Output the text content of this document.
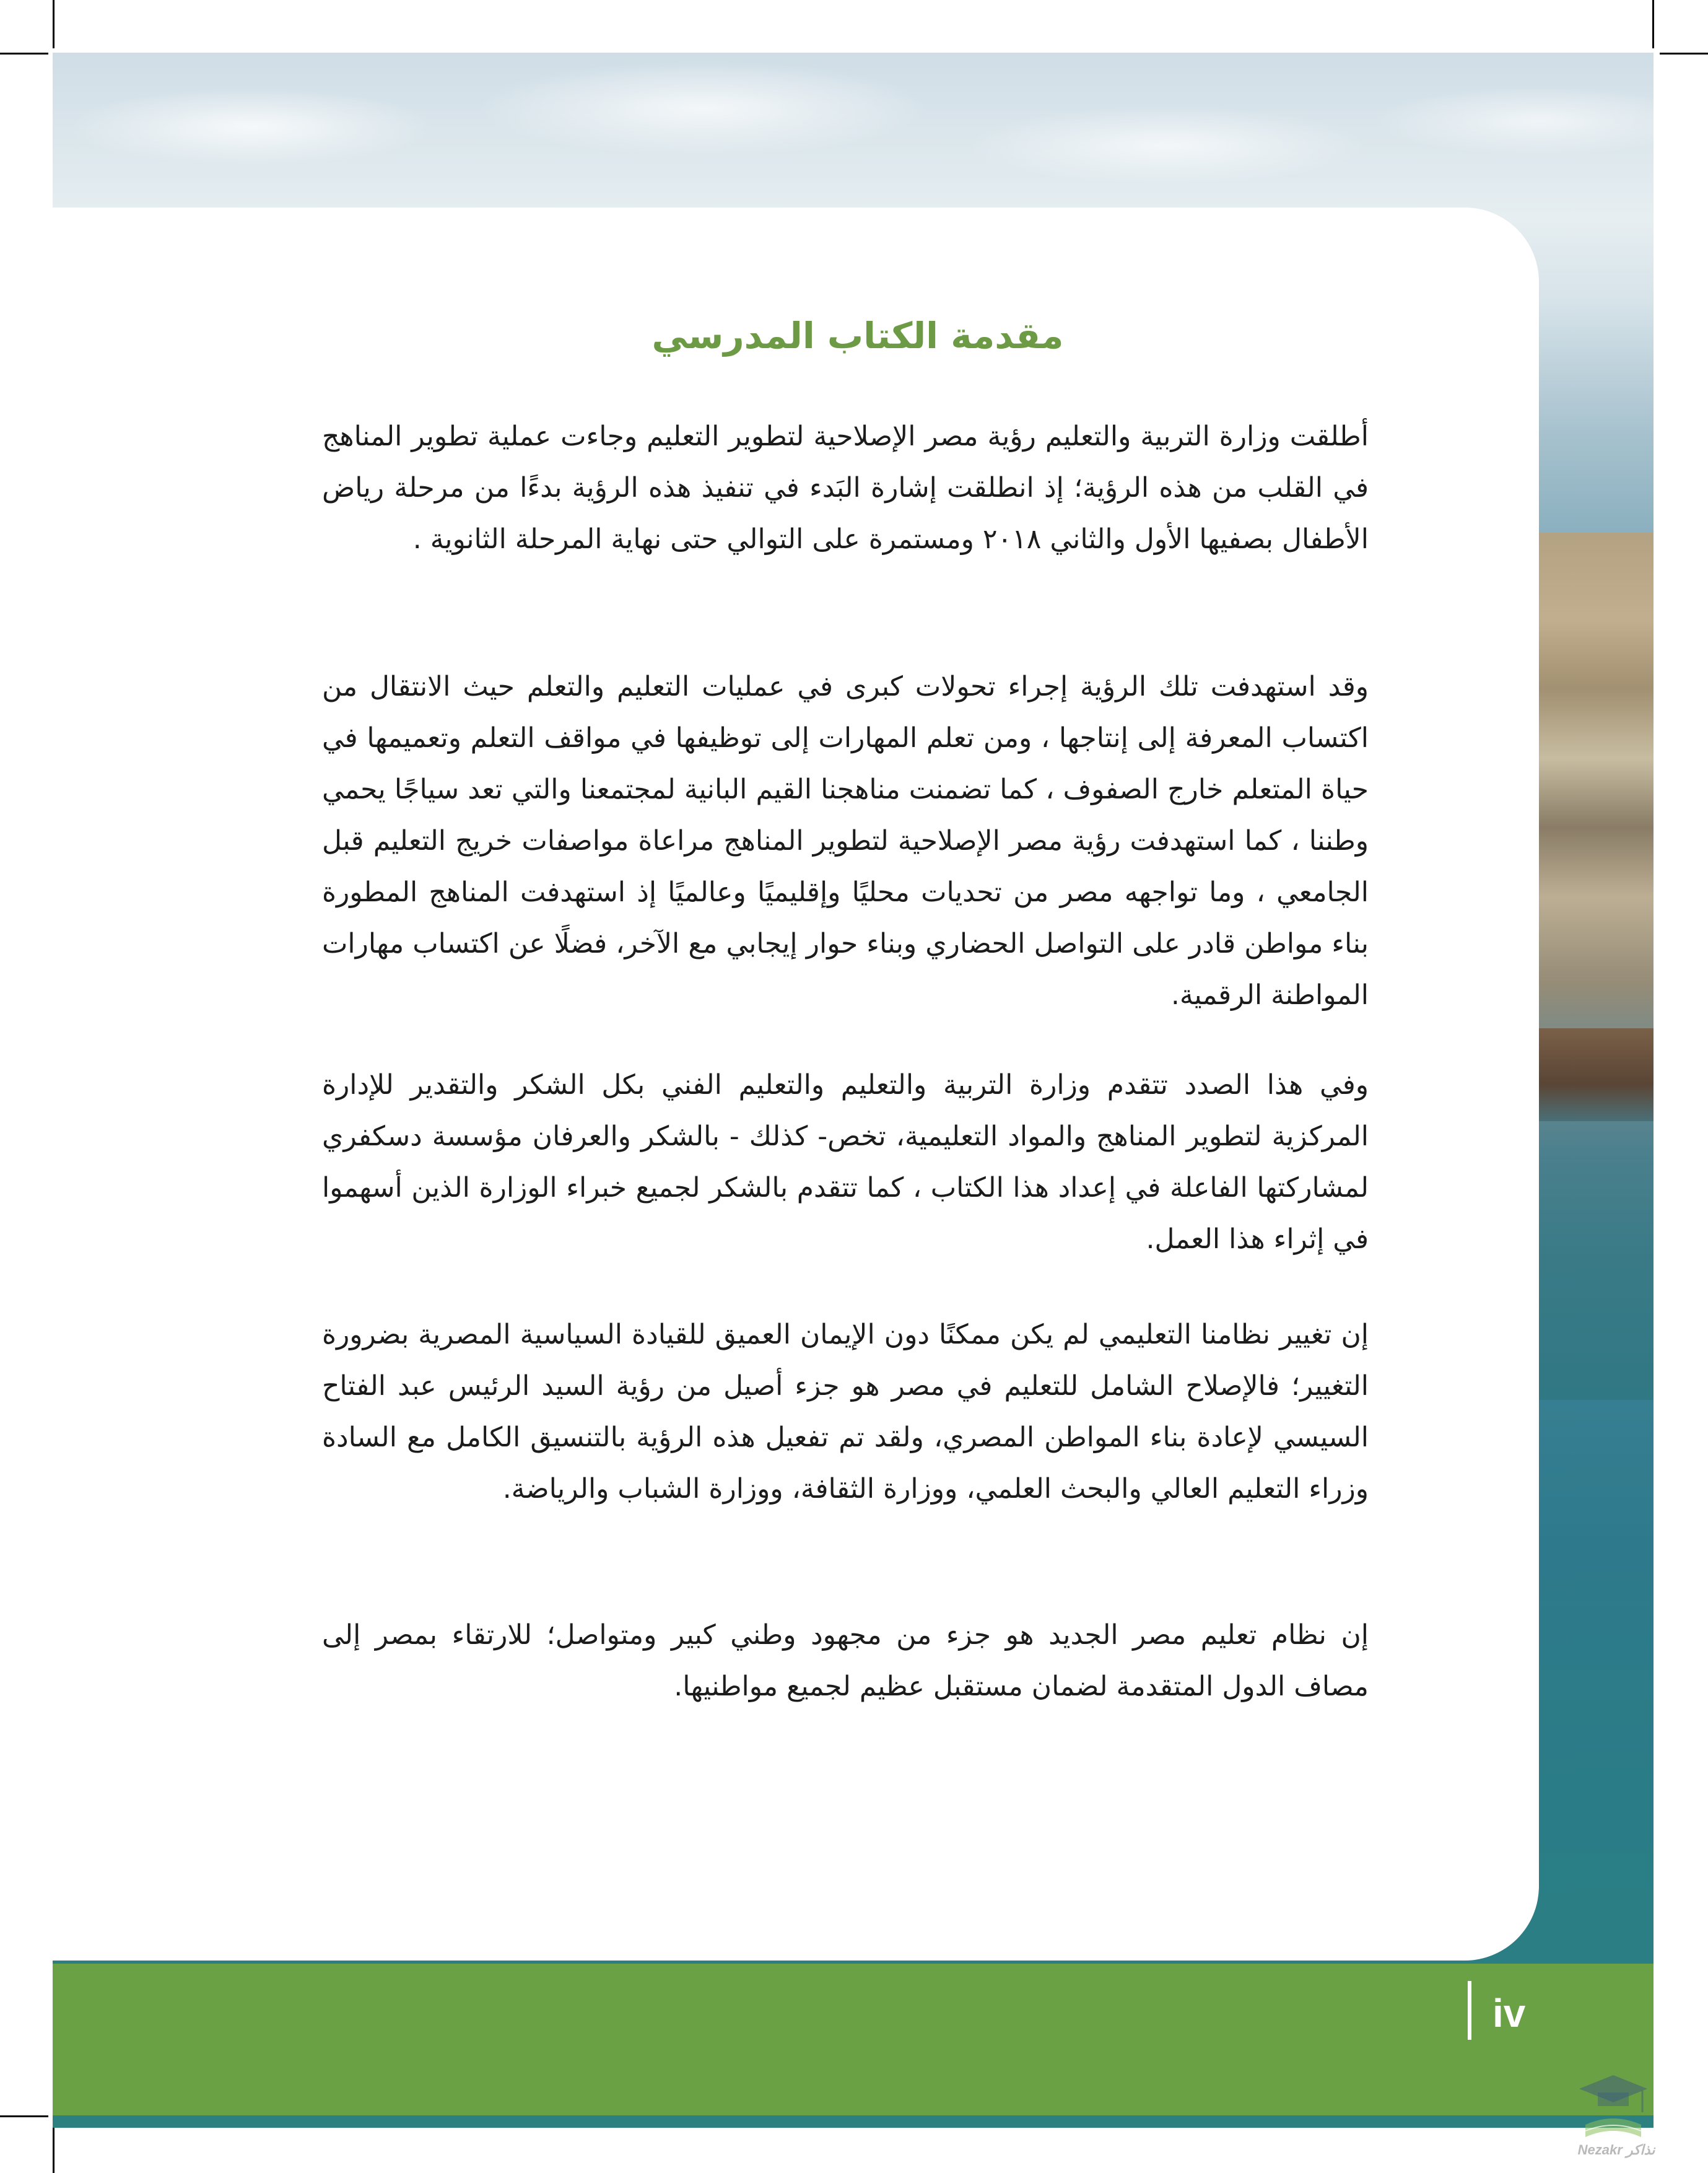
مقدمة الكتاب المدرسي

أطلقت وزارة التربية والتعليم رؤية مصر الإصلاحية لتطوير التعليم وجاءت عملية تطوير المناهج في القلب من هذه الرؤية؛ إذ انطلقت إشارة البَدء في تنفيذ هذه الرؤية بدءًا من مرحلة رياض الأطفال بصفيها الأول والثاني ٢٠١٨ ومستمرة على التوالي حتى نهاية المرحلة الثانوية .

وقد استهدفت تلك الرؤية إجراء تحولات كبرى في عمليات التعليم والتعلم حيث الانتقال من اكتساب المعرفة إلى إنتاجها ، ومن تعلم المهارات إلى توظيفها في مواقف التعلم وتعميمها في حياة المتعلم خارج الصفوف ، كما تضمنت مناهجنا القيم البانية لمجتمعنا والتي تعد سياجًا يحمي وطننا ، كما استهدفت رؤية مصر الإصلاحية لتطوير المناهج مراعاة مواصفات خريج التعليم قبل الجامعي ، وما تواجهه مصر من تحديات محليًا وإقليميًا وعالميًا إذ استهدفت المناهج المطورة بناء مواطن قادر على التواصل الحضاري وبناء حوار إيجابي مع الآخر، فضلًا عن اكتساب مهارات المواطنة الرقمية.

وفي هذا الصدد تتقدم وزارة التربية والتعليم والتعليم الفني بكل الشكر والتقدير للإدارة المركزية لتطوير المناهج والمواد التعليمية، تخص- كذلك - بالشكر والعرفان مؤسسة دسكفري لمشاركتها الفاعلة في إعداد هذا الكتاب ، كما تتقدم بالشكر لجميع خبراء الوزارة الذين أسهموا في إثراء هذا العمل.

إن تغيير نظامنا التعليمي لم يكن ممكنًا دون الإيمان العميق للقيادة السياسية المصرية بضرورة التغيير؛ فالإصلاح الشامل للتعليم في مصر هو جزء أصيل من رؤية السيد الرئيس عبد الفتاح السيسي لإعادة بناء المواطن المصري، ولقد تم تفعيل هذه الرؤية بالتنسيق الكامل مع السادة وزراء التعليم العالي والبحث العلمي، ووزارة الثقافة، ووزارة الشباب والرياضة.

إن نظام تعليم مصر الجديد هو جزء من مجهود وطني كبير ومتواصل؛ للارتقاء بمصر إلى مصاف الدول المتقدمة لضمان مستقبل عظيم لجميع مواطنيها.

iv
Nezakr نذاكر
